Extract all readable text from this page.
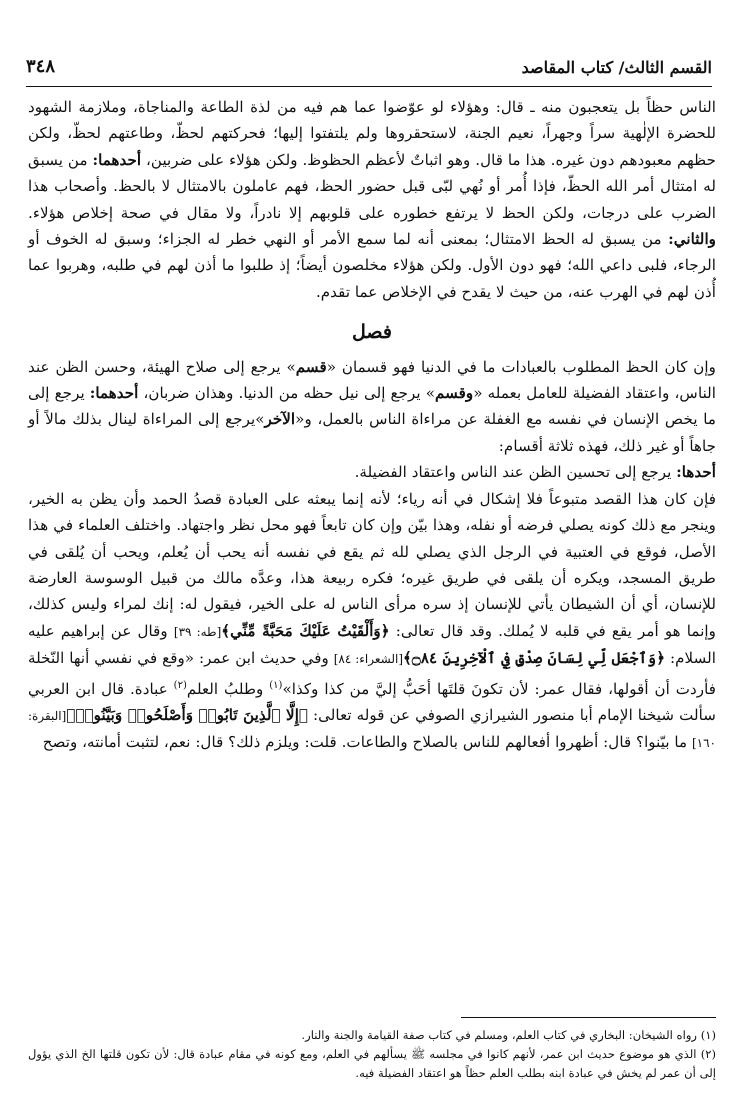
القسم الثالث/ كتاب المقاصد
٣٤٨

الناس حظاً بل يتعجبون منه ـ قال: وهؤلاء لو عوّضوا عما هم فيه من لذة الطاعة والمناجاة، وملازمة الشهود للحضرة الإلٰهية سراً وجهراً، نعيم الجنة، لاستحقروها ولم يلتفتوا إليها؛ فحركتهم لحظّ، وطاعتهم لحظّ، ولكن حظهم معبودهم دون غيره. هذا ما قال. وهو اثباتٌ لأعظم الحظوظ. ولكن هؤلاء على ضربين، أحدهما: من يسبق له امتثال أمر الله الحظّ، فإذا أُمر أو نُهي لبّى قبل حضور الحظ، فهم عاملون بالامتثال لا بالحظ. وأصحاب هذا الضرب على درجات، ولكن الحظ لا يرتفع خطوره على قلوبهم إلا نادراً، ولا مقال في صحة إخلاص هؤلاء. والثاني: من يسبق له الحظ الامتثال؛ بمعنى أنه لما سمع الأمر أو النهي خطر له الجزاء؛ وسبق له الخوف أو الرجاء، فلبى داعي الله؛ فهو دون الأول. ولكن هؤلاء مخلصون أيضاً؛ إذ طلبوا ما أذن لهم في طلبه، وهربوا عما أُذن لهم في الهرب عنه، من حيث لا يقدح في الإخلاص عما تقدم.

فصل

وإن كان الحظ المطلوب بالعبادات ما في الدنيا فهو قسمان «قسم» يرجع إلى صلاح الهيئة، وحسن الظن عند الناس، واعتقاد الفضيلة للعامل بعمله «وقسم» يرجع إلى نيل حظه من الدنيا. وهذان ضربان، أحدهما: يرجع إلى ما يخص الإنسان في نفسه مع الغفلة عن مراءاة الناس بالعمل، و«الآخر»يرجع إلى المراءاة لينال بذلك مالاً أو جاهاً أو غير ذلك، فهذه ثلاثة أقسام:

أحدها: يرجع إلى تحسين الظن عند الناس واعتقاد الفضيلة.

فإن كان هذا القصد متبوعاً فلا إشكال في أنه رياء؛ لأنه إنما يبعثه على العبادة قصدُ الحمد وأن يظن به الخير، وينجر مع ذلك كونه يصلي فرضه أو نفله، وهذا بيّن وإن كان تابعاً فهو محل نظر واجتهاد. واختلف العلماء في هذا الأصل، فوقع في العتبية في الرجل الذي يصلي لله ثم يقع في نفسه أنه يحب أن يُعلم، ويحب أن يُلقى في طريق المسجد، ويكره أن يلقى في طريق غيره؛ فكره ربيعة هذا، وعدَّه مالك من قبيل الوسوسة العارضة للإنسان، أي أن الشيطان يأتي للإنسان إذ سره مرأى الناس له على الخير، فيقول له: إنك لمراء وليس كذلك، وإنما هو أمر يقع في قلبه لا يُملك. وقد قال تعالى: ﴿وَأَلْقَيْتُ عَلَيْكَ مَحَبَّةً مِّنِّي﴾[طه: ٣٩] وقال عن إبراهيم عليه السلام: ﴿وَٱجْعَل لِّي لِسَانَ صِدْقٍ فِي ٱلْآخِرِينَ ۝٨٤﴾[الشعراء: ٨٤] وفي حديث ابن عمر: «وقع في نفسي أنها النّخلة فأردت أن أقولها، فقال عمر: لأن تكونَ قلتَها أحَبُّ إليَّ من كذا وكذا»$^{(١)}$ وطلبُ العلم$^{(٢)}$ عبادة. قال ابن العربي سألت شيخنا الإمام أبا منصور الشيرازي الصوفي عن قوله تعالى: ﴿إِلَّا ٱلَّذِينَ تَابُوا۟ وَأَصْلَحُوا۟ وَبَيَّنُوا۟﴾[البقرة: ١٦٠] ما بيّنوا؟ قال: أظهروا أفعالهم للناس بالصلاح والطاعات. قلت: ويلزم ذلك؟ قال: نعم، لتثبت أمانته، وتصح

(١) رواه الشيخان: البخاري في كتاب العلم، ومسلم في كتاب صفة القيامة والجنة والنار.

(٢) الذي هو موضوع حديث ابن عمر، لأنهم كانوا في مجلسه ﷺ يسألهم في العلم، ومع كونه في مقام عبادة قال: لأن تكون قلتها الخ الذي يؤول إلى أن عمر لم يخش في عبادة ابنه بطلب العلم حظاً هو اعتقاد الفضيلة فيه.
